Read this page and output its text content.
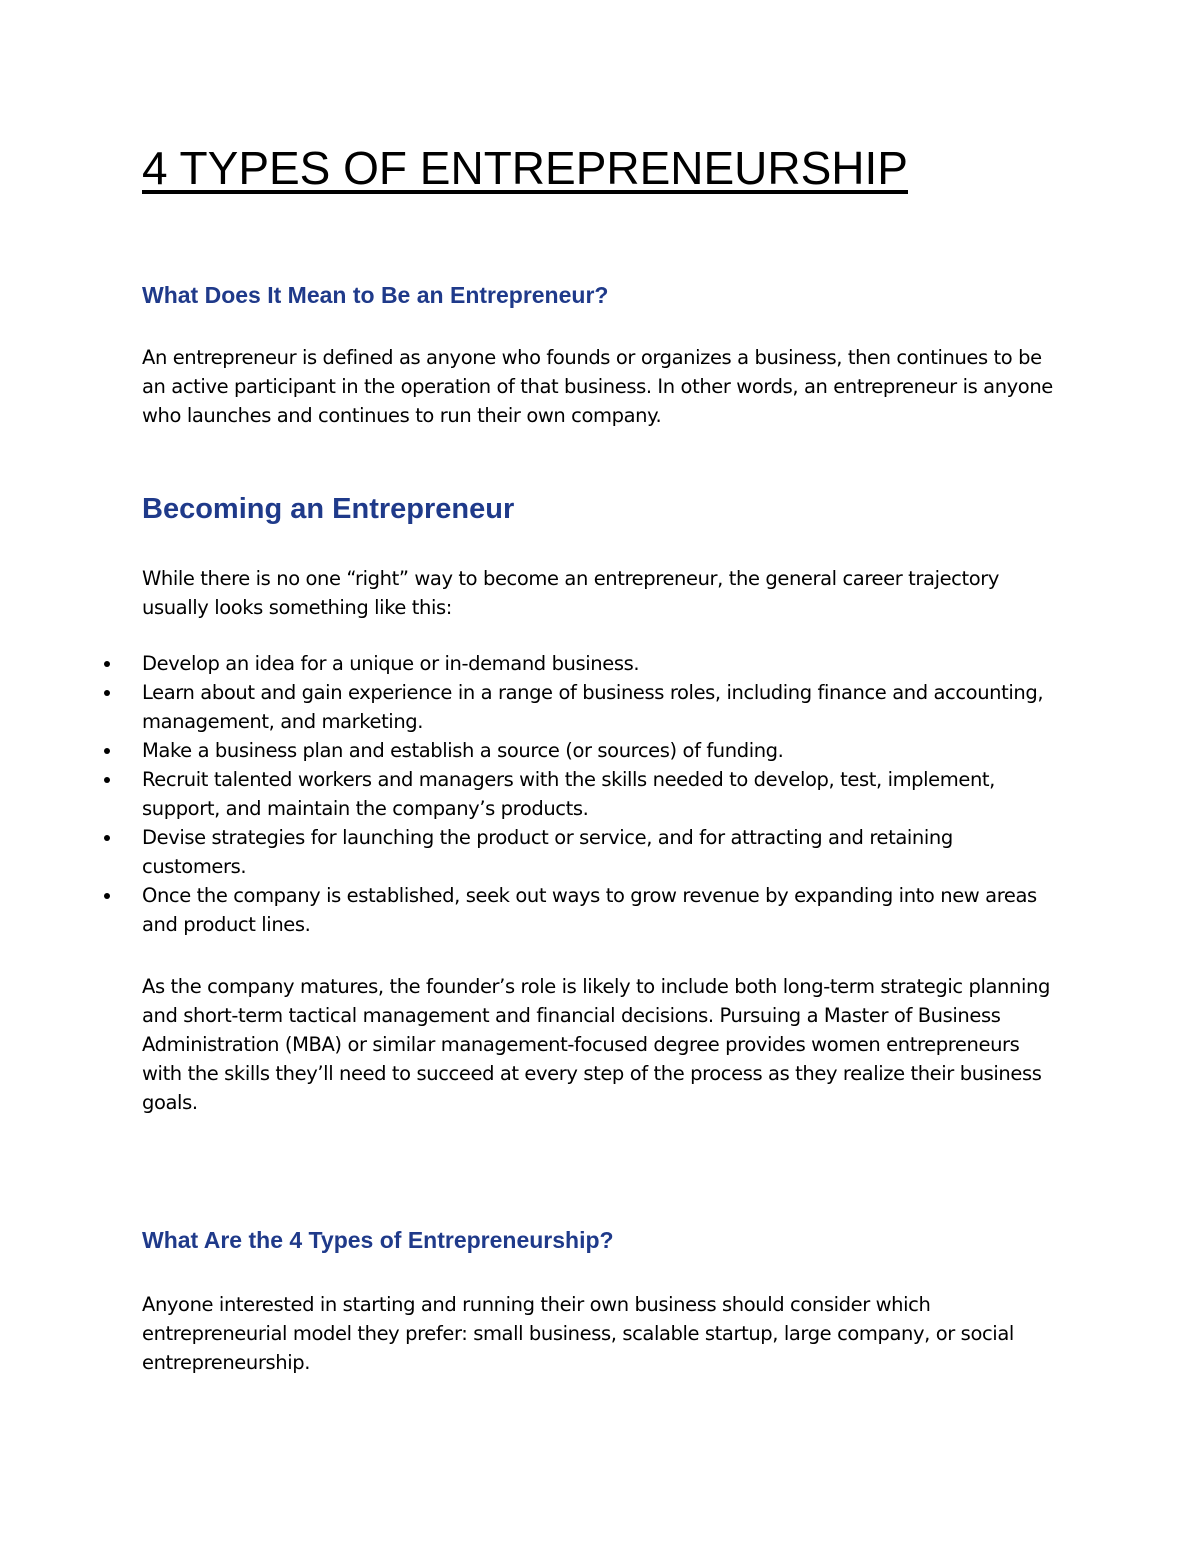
4 TYPES OF ENTREPRENEURSHIP
What Does It Mean to Be an Entrepreneur?

An entrepreneur is defined as anyone who founds or organizes a business, then continues to be an active participant in the operation of that business. In other words, an entrepreneur is anyone who launches and continues to run their own company.

Becoming an Entrepreneur

While there is no one “right” way to become an entrepreneur, the general career trajectory usually looks something like this:

Develop an idea for a unique or in-demand business.
Learn about and gain experience in a range of business roles, including finance and accounting, management, and marketing.
Make a business plan and establish a source (or sources) of funding.
Recruit talented workers and managers with the skills needed to develop, test, implement, support, and maintain the company’s products.
Devise strategies for launching the product or service, and for attracting and retaining customers.
Once the company is established, seek out ways to grow revenue by expanding into new areas and product lines.

As the company matures, the founder’s role is likely to include both long-term strategic planning and short-term tactical management and financial decisions. Pursuing a Master of Business Administration (MBA) or similar management-focused degree provides women entrepreneurs with the skills they’ll need to succeed at every step of the process as they realize their business goals.

What Are the 4 Types of Entrepreneurship?

Anyone interested in starting and running their own business should consider which entrepreneurial model they prefer: small business, scalable startup, large company, or social entrepreneurship.
